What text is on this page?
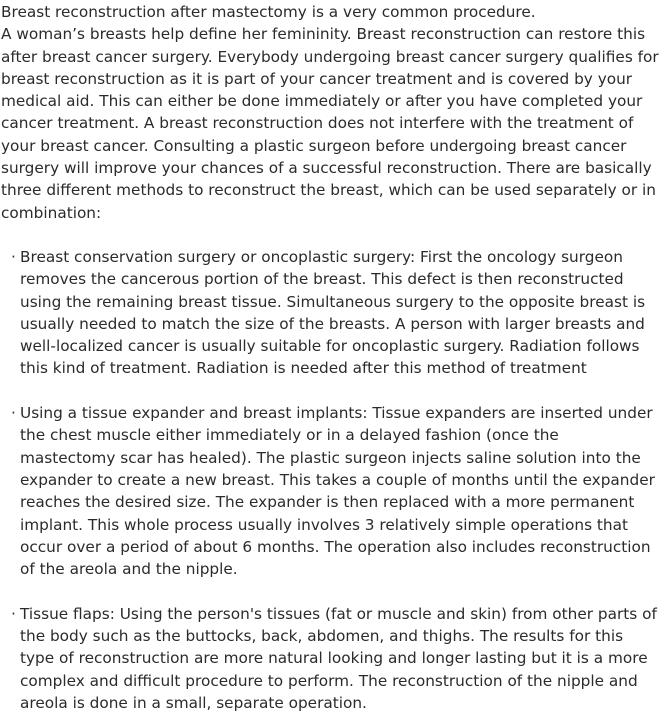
Breast reconstruction after mastectomy is a very common procedure.
A woman’s breasts help define her femininity. Breast reconstruction can restore this after breast cancer surgery. Everybody undergoing breast cancer surgery qualifies for breast reconstruction as it is part of your cancer treatment and is covered by your medical aid. This can either be done immediately or after you have completed your cancer treatment. A breast reconstruction does not interfere with the treatment of your breast cancer. Consulting a plastic surgeon before undergoing breast cancer surgery will improve your chances of a successful reconstruction. There are basically three different methods to reconstruct the breast, which can be used separately or in combination:

· Breast conservation surgery or oncoplastic surgery: First the oncology surgeon removes the cancerous portion of the breast. This defect is then reconstructed using the remaining breast tissue. Simultaneous surgery to the opposite breast is usually needed to match the size of the breasts. A person with larger breasts and well-localized cancer is usually suitable for oncoplastic surgery. Radiation follows this kind of treatment. Radiation is needed after this method of treatment
· Using a tissue expander and breast implants: Tissue expanders are inserted under the chest muscle either immediately or in a delayed fashion (once the mastectomy scar has healed). The plastic surgeon injects saline solution into the expander to create a new breast. This takes a couple of months until the expander reaches the desired size. The expander is then replaced with a more permanent implant. This whole process usually involves 3 relatively simple operations that occur over a period of about 6 months. The operation also includes reconstruction of the areola and the nipple.
· Tissue flaps: Using the person's tissues (fat or muscle and skin) from other parts of the body such as the buttocks, back, abdomen, and thighs. The results for this type of reconstruction are more natural looking and longer lasting but it is a more complex and difficult procedure to perform. The reconstruction of the nipple and areola is done in a small, separate operation.
